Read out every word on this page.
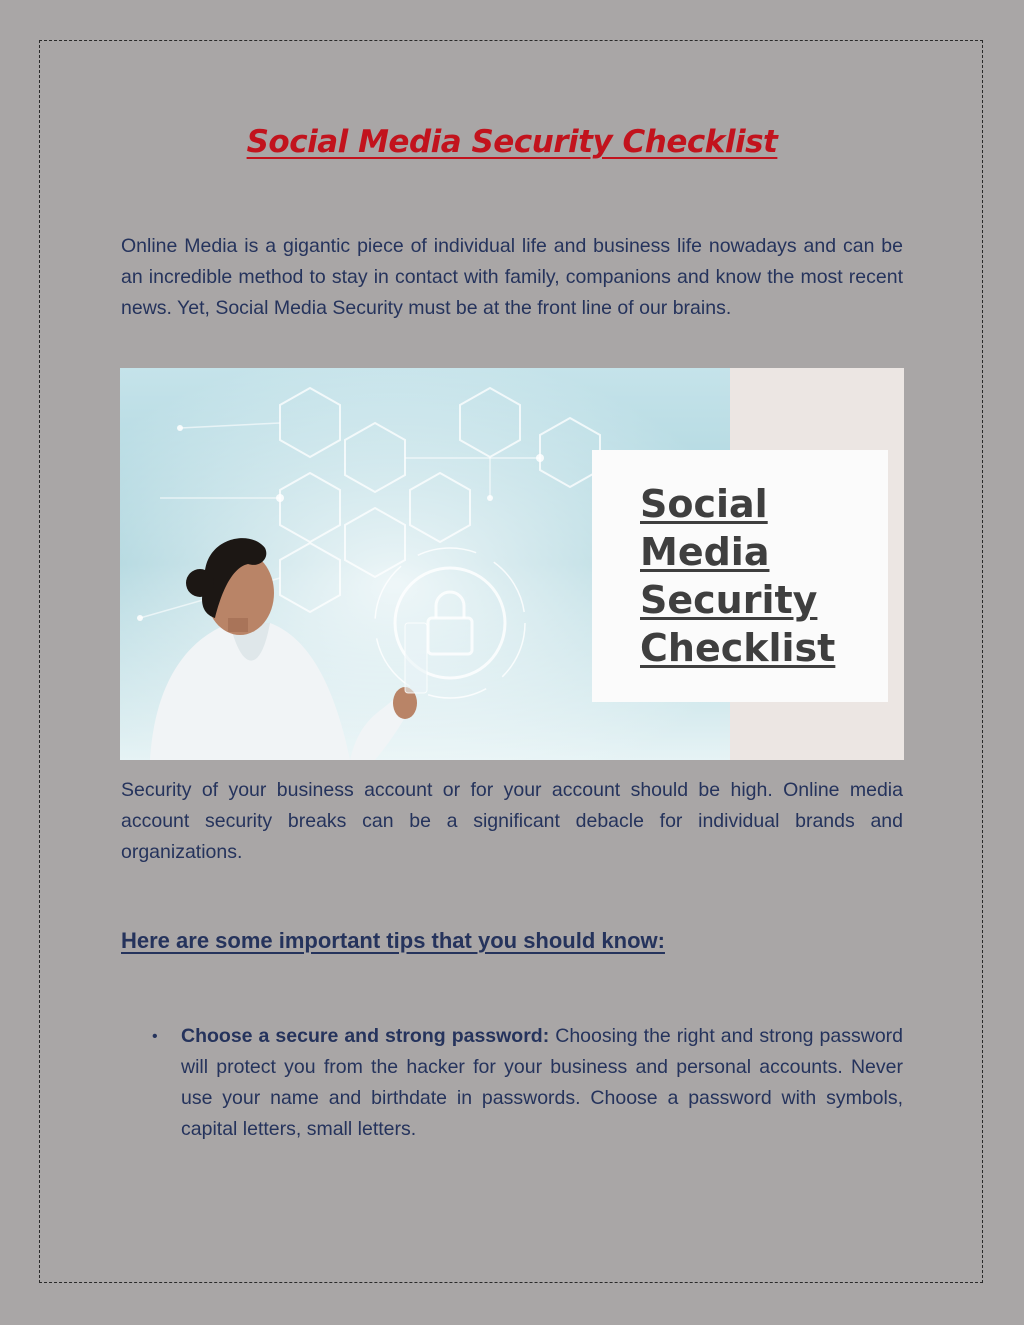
Social Media Security Checklist

Online Media is a gigantic piece of individual life and business life nowadays and can be an incredible method to stay in contact with family, companions and know the most recent news. Yet, Social Media Security must be at the front line of our brains.

Social
Media
Security
Checklist

Security of your business account or for your account should be high. Online media account security breaks can be a significant debacle for individual brands and organizations.

Here are some important tips that you should know:
• Choose a secure and strong password: Choosing the right and strong password will protect you from the hacker for your business and personal accounts. Never use your name and birthdate in passwords. Choose a password with symbols, capital letters, small letters.
